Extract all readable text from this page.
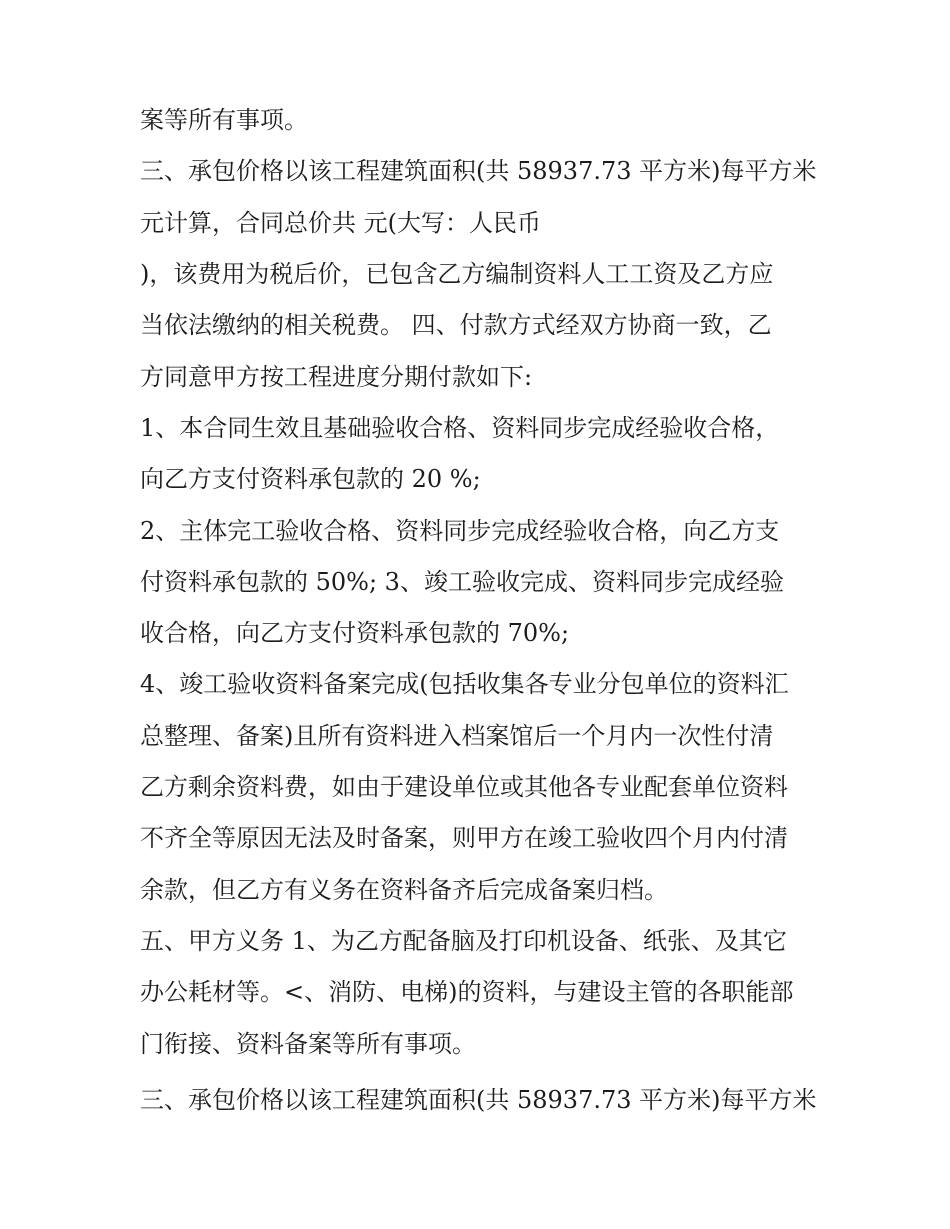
案等所有事项。

三、承包价格以该工程建筑面积(共 58937.73 平方米)每平方米

元计算，合同总价共 元(大写：人民币

)，该费用为税后价，已包含乙方编制资料人工工资及乙方应

当依法缴纳的相关税费。 四、付款方式经双方协商一致，乙

方同意甲方按工程进度分期付款如下:

1、本合同生效且基础验收合格、资料同步完成经验收合格，

向乙方支付资料承包款的 20 %;

2、主体完工验收合格、资料同步完成经验收合格，向乙方支

付资料承包款的 50%; 3、竣工验收完成、资料同步完成经验

收合格，向乙方支付资料承包款的 70%;

4、竣工验收资料备案完成(包括收集各专业分包单位的资料汇

总整理、备案)且所有资料进入档案馆后一个月内一次性付清

乙方剩余资料费，如由于建设单位或其他各专业配套单位资料

不齐全等原因无法及时备案，则甲方在竣工验收四个月内付清

余款，但乙方有义务在资料备齐后完成备案归档。

五、甲方义务 1、为乙方配备脑及打印机设备、纸张、及其它

办公耗材等。<、消防、电梯)的资料，与建设主管的各职能部

门衔接、资料备案等所有事项。

三、承包价格以该工程建筑面积(共 58937.73 平方米)每平方米
